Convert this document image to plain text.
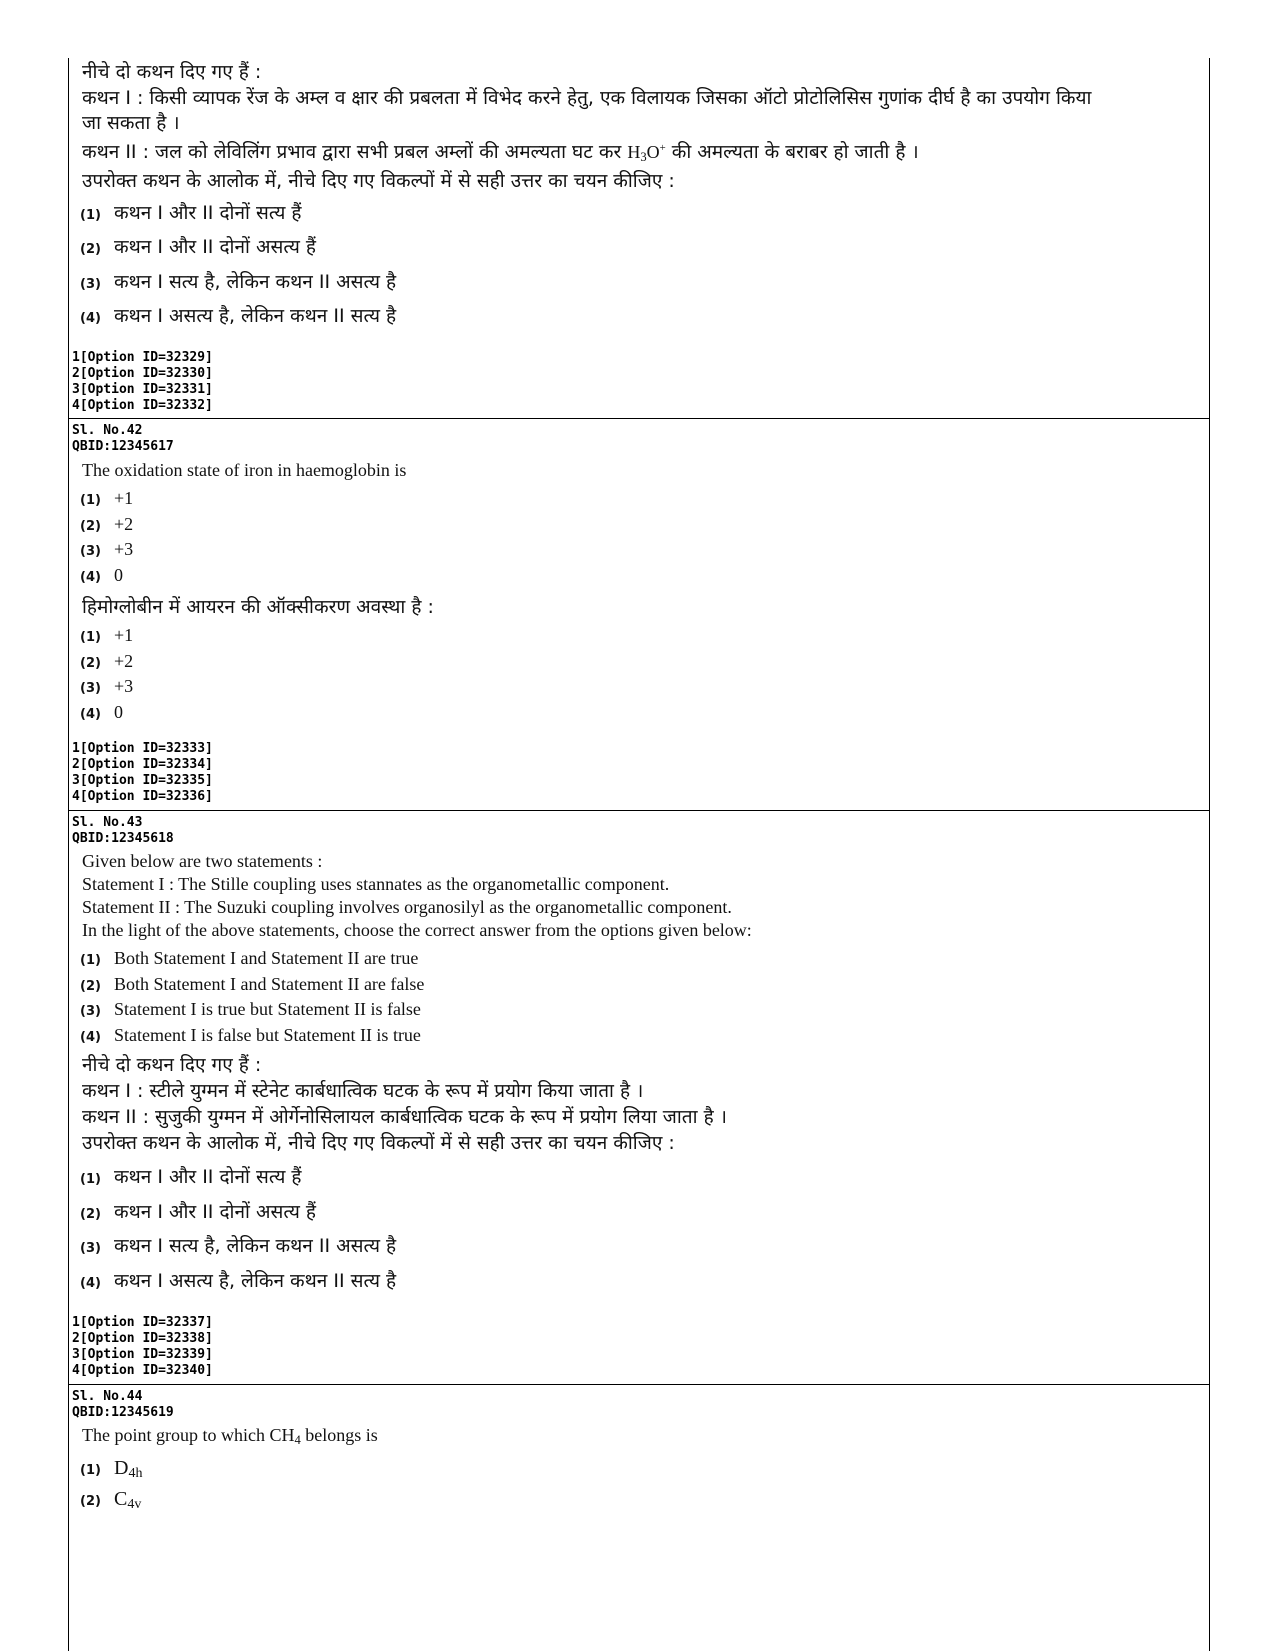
नीचे दो कथन दिए गए हैं :
कथन I : किसी व्यापक रेंज के अम्ल व क्षार की प्रबलता में विभेद करने हेतु, एक विलायक जिसका ऑटो प्रोटोलिसिस गुणांक दीर्घ है का उपयोग किया
जा सकता है ।
कथन II : जल को लेविलिंग प्रभाव द्वारा सभी प्रबल अम्लों की अमल्यता घट कर $H_3O^+$ की अमल्यता के बराबर हो जाती है ।
उपरोक्त कथन के आलोक में, नीचे दिए गए विकल्पों में से सही उत्तर का चयन कीजिए :
(1) कथन I और II दोनों सत्य हैं
(2) कथन I और II दोनों असत्य हैं
(3) कथन I सत्य है, लेकिन कथन II असत्य है
(4) कथन I असत्य है, लेकिन कथन II सत्य है
1[Option ID=32329]
2[Option ID=32330]
3[Option ID=32331]
4[Option ID=32332]
Sl. No.42
QBID:12345617
The oxidation state of iron in haemoglobin is
(1) +1
(2) +2
(3) +3
(4) 0
हिमोग्लोबीन में आयरन की ऑक्सीकरण अवस्था है :
(1) +1
(2) +2
(3) +3
(4) 0
1[Option ID=32333]
2[Option ID=32334]
3[Option ID=32335]
4[Option ID=32336]
Sl. No.43
QBID:12345618
Given below are two statements :
Statement I : The Stille coupling uses stannates as the organometallic component.
Statement II : The Suzuki coupling involves organosilyl as the organometallic component.
In the light of the above statements, choose the correct answer from the options given below:
(1) Both Statement I and Statement II are true
(2) Both Statement I and Statement II are false
(3) Statement I is true but Statement II is false
(4) Statement I is false but Statement II is true
नीचे दो कथन दिए गए हैं :
कथन I : स्टीले युग्मन में स्टेनेट कार्बधात्विक घटक के रूप में प्रयोग किया जाता है ।
कथन II : सुजुकी युग्मन में ओर्गेनोसिलायल कार्बधात्विक घटक के रूप में प्रयोग लिया जाता है ।
उपरोक्त कथन के आलोक में, नीचे दिए गए विकल्पों में से सही उत्तर का चयन कीजिए :
(1) कथन I और II दोनों सत्य हैं
(2) कथन I और II दोनों असत्य हैं
(3) कथन I सत्य है, लेकिन कथन II असत्य है
(4) कथन I असत्य है, लेकिन कथन II सत्य है
1[Option ID=32337]
2[Option ID=32338]
3[Option ID=32339]
4[Option ID=32340]
Sl. No.44
QBID:12345619
The point group to which $CH_4$ belongs is
(1) $D_{4h}$
(2) $C_{4v}$
